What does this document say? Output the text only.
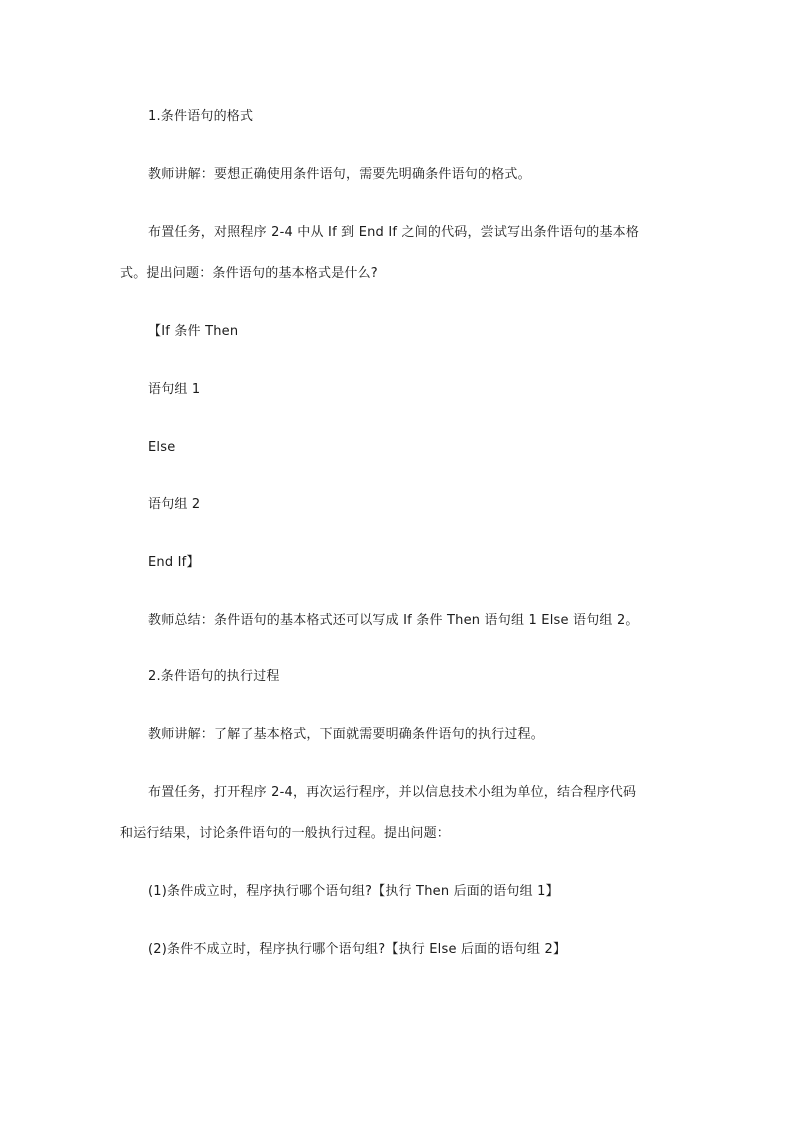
1.条件语句的格式
教师讲解：要想正确使用条件语句，需要先明确条件语句的格式。
布置任务，对照程序 2-4 中从 If 到 End If 之间的代码，尝试写出条件语句的基本格
式。提出问题：条件语句的基本格式是什么?
【If 条件 Then
语句组 1
Else
语句组 2
End If】
教师总结：条件语句的基本格式还可以写成 If 条件 Then 语句组 1 Else 语句组 2。
2.条件语句的执行过程
教师讲解：了解了基本格式，下面就需要明确条件语句的执行过程。
布置任务，打开程序 2-4，再次运行程序，并以信息技术小组为单位，结合程序代码
和运行结果，讨论条件语句的一般执行过程。提出问题：
(1)条件成立时，程序执行哪个语句组?【执行 Then 后面的语句组 1】
(2)条件不成立时，程序执行哪个语句组?【执行 Else 后面的语句组 2】
